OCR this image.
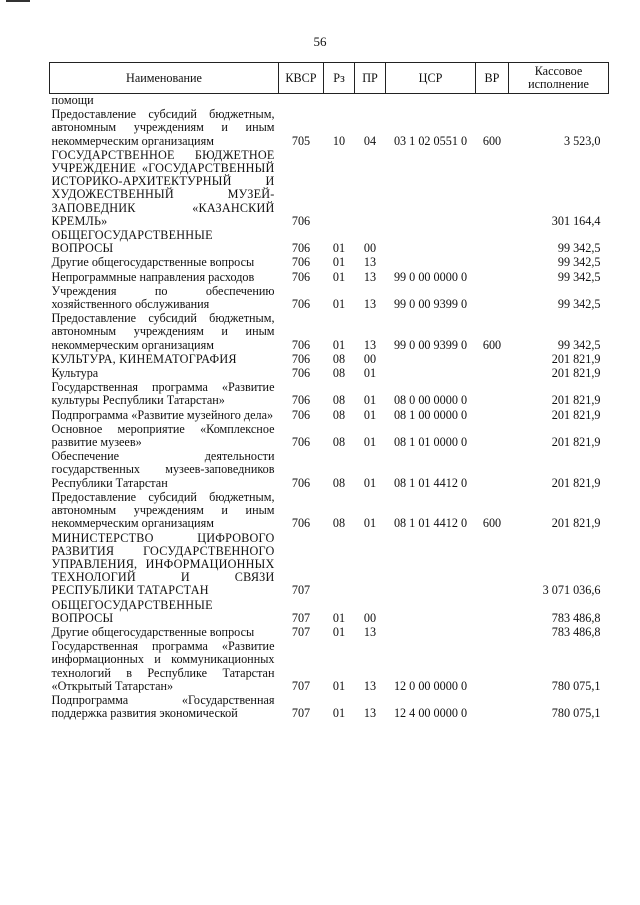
56
Наименование	КВСР	Рз	ПР	ЦСР	ВР	Кассовое исполнение
помощи						
Предоставление субсидий бюджетным, автономным учреждениям и иным некоммерческим организациям	705	10	04	03 1 02 0551 0	600	3 523,0
ГОСУДАРСТВЕННОЕ БЮДЖЕТНОЕ УЧРЕЖДЕНИЕ «ГОСУДАРСТВЕННЫЙ ИСТОРИКО-АРХИТЕКТУРНЫЙ И ХУДОЖЕСТВЕННЫЙ МУЗЕЙ-ЗАПОВЕДНИК «КАЗАНСКИЙ КРЕМЛЬ»	706					301 164,4
ОБЩЕГОСУДАРСТВЕННЫЕ ВОПРОСЫ	706	01	00			99 342,5
Другие общегосударственные вопросы	706	01	13			99 342,5
Непрограммные направления расходов	706	01	13	99 0 00 0000 0		99 342,5
Учреждения по обеспечению хозяйственного обслуживания	706	01	13	99 0 00 9399 0		99 342,5
Предоставление субсидий бюджетным, автономным учреждениям и иным некоммерческим организациям	706	01	13	99 0 00 9399 0	600	99 342,5
КУЛЬТУРА, КИНЕМАТОГРАФИЯ	706	08	00			201 821,9
Культура	706	08	01			201 821,9
Государственная программа «Развитие культуры Республики Татарстан»	706	08	01	08 0 00 0000 0		201 821,9
Подпрограмма «Развитие музейного дела»	706	08	01	08 1 00 0000 0		201 821,9
Основное мероприятие «Комплексное развитие музеев»	706	08	01	08 1 01 0000 0		201 821,9
Обеспечение деятельности государственных музеев-заповедников Республики Татарстан	706	08	01	08 1 01 4412 0		201 821,9
Предоставление субсидий бюджетным, автономным учреждениям и иным некоммерческим организациям	706	08	01	08 1 01 4412 0	600	201 821,9
МИНИСТЕРСТВО ЦИФРОВОГО РАЗВИТИЯ ГОСУДАРСТВЕННОГО УПРАВЛЕНИЯ, ИНФОРМАЦИОННЫХ ТЕХНОЛОГИЙ И СВЯЗИ РЕСПУБЛИКИ ТАТАРСТАН	707					3 071 036,6
ОБЩЕГОСУДАРСТВЕННЫЕ ВОПРОСЫ	707	01	00			783 486,8
Другие общегосударственные вопросы	707	01	13			783 486,8
Государственная программа «Развитие информационных и коммуникационных технологий в Республике Татарстан «Открытый Татарстан»	707	01	13	12 0 00 0000 0		780 075,1
Подпрограмма «Государственная поддержка развития экономической	707	01	13	12 4 00 0000 0		780 075,1
